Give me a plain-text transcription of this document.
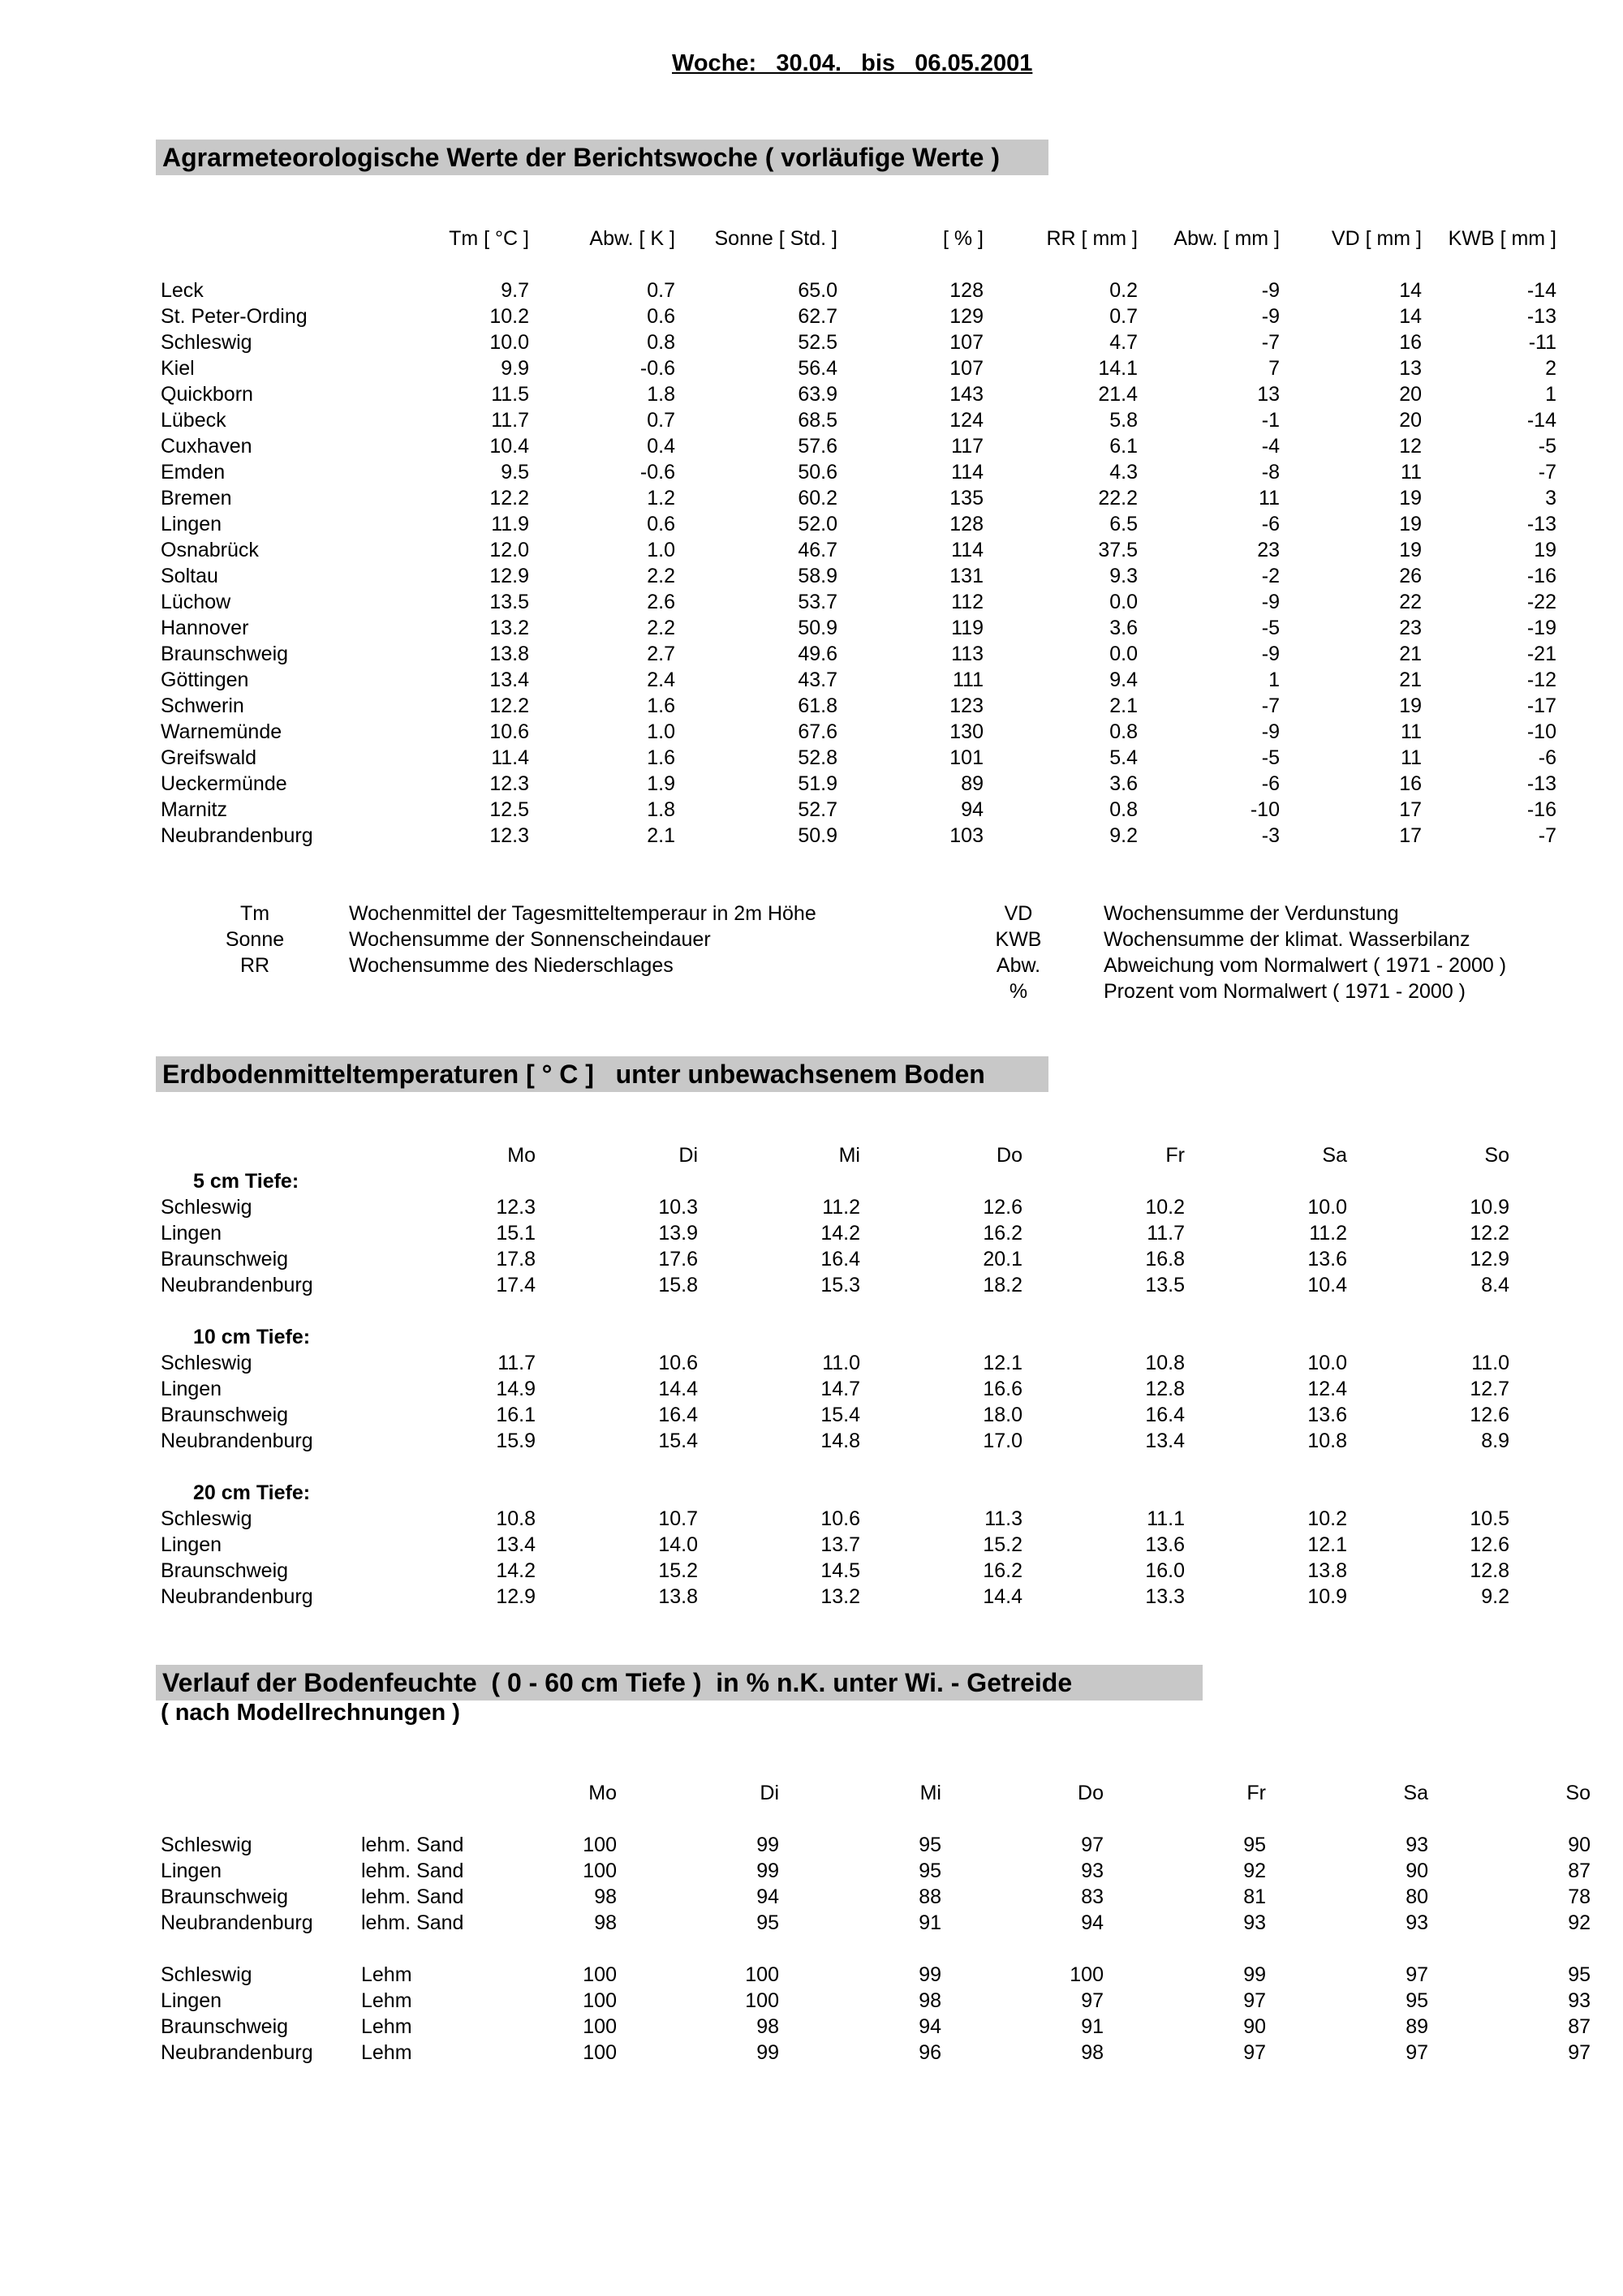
Woche:   30.04.   bis   06.05.2001
Agrarmeteorologische Werte der Berichtswoche ( vorläufige Werte )
	Tm [ °C ]	Abw. [ K ]	Sonne [ Std. ]	[ % ]	RR [ mm ]	Abw. [ mm ]	VD [ mm ]	KWB [ mm ]

Leck	9.7	0.7	65.0	128	0.2	-9	14	-14
St. Peter-Ording	10.2	0.6	62.7	129	0.7	-9	14	-13
Schleswig	10.0	0.8	52.5	107	4.7	-7	16	-11
Kiel	9.9	-0.6	56.4	107	14.1	7	13	2
Quickborn	11.5	1.8	63.9	143	21.4	13	20	1
Lübeck	11.7	0.7	68.5	124	5.8	-1	20	-14
Cuxhaven	10.4	0.4	57.6	117	6.1	-4	12	-5
Emden	9.5	-0.6	50.6	114	4.3	-8	11	-7
Bremen	12.2	1.2	60.2	135	22.2	11	19	3
Lingen	11.9	0.6	52.0	128	6.5	-6	19	-13
Osnabrück	12.0	1.0	46.7	114	37.5	23	19	19
Soltau	12.9	2.2	58.9	131	9.3	-2	26	-16
Lüchow	13.5	2.6	53.7	112	0.0	-9	22	-22
Hannover	13.2	2.2	50.9	119	3.6	-5	23	-19
Braunschweig	13.8	2.7	49.6	113	0.0	-9	21	-21
Göttingen	13.4	2.4	43.7	111	9.4	1	21	-12
Schwerin	12.2	1.6	61.8	123	2.1	-7	19	-17
Warnemünde	10.6	1.0	67.6	130	0.8	-9	11	-10
Greifswald	11.4	1.6	52.8	101	5.4	-5	11	-6
Ueckermünde	12.3	1.9	51.9	89	3.6	-6	16	-13
Marnitz	12.5	1.8	52.7	94	0.8	-10	17	-16
Neubrandenburg	12.3	2.1	50.9	103	9.2	-3	17	-7
Tm	Wochenmittel der Tagesmitteltemperaur in 2m Höhe	VD	Wochensumme der Verdunstung
Sonne	Wochensumme der Sonnenscheindauer	KWB	Wochensumme der klimat. Wasserbilanz
RR	Wochensumme des Niederschlages	Abw.	Abweichung vom Normalwert ( 1971 - 2000 )
		%	Prozent vom Normalwert ( 1971 - 2000 )
Erdbodenmitteltemperaturen [ ° C ]   unter unbewachsenem Boden
	Mo	Di	Mi	Do	Fr	Sa	So
5 cm Tiefe:							
Schleswig	12.3	10.3	11.2	12.6	10.2	10.0	10.9
Lingen	15.1	13.9	14.2	16.2	11.7	11.2	12.2
Braunschweig	17.8	17.6	16.4	20.1	16.8	13.6	12.9
Neubrandenburg	17.4	15.8	15.3	18.2	13.5	10.4	8.4

10 cm Tiefe:							
Schleswig	11.7	10.6	11.0	12.1	10.8	10.0	11.0
Lingen	14.9	14.4	14.7	16.6	12.8	12.4	12.7
Braunschweig	16.1	16.4	15.4	18.0	16.4	13.6	12.6
Neubrandenburg	15.9	15.4	14.8	17.0	13.4	10.8	8.9

20 cm Tiefe:							
Schleswig	10.8	10.7	10.6	11.3	11.1	10.2	10.5
Lingen	13.4	14.0	13.7	15.2	13.6	12.1	12.6
Braunschweig	14.2	15.2	14.5	16.2	16.0	13.8	12.8
Neubrandenburg	12.9	13.8	13.2	14.4	13.3	10.9	9.2
Verlauf der Bodenfeuchte  ( 0 - 60 cm Tiefe )  in % n.K. unter Wi. - Getreide
( nach Modellrechnungen )
		Mo	Di	Mi	Do	Fr	Sa	So

Schleswig	lehm. Sand	100	99	95	97	95	93	90
Lingen	lehm. Sand	100	99	95	93	92	90	87
Braunschweig	lehm. Sand	98	94	88	83	81	80	78
Neubrandenburg	lehm. Sand	98	95	91	94	93	93	92

Schleswig	Lehm	100	100	99	100	99	97	95
Lingen	Lehm	100	100	98	97	97	95	93
Braunschweig	Lehm	100	98	94	91	90	89	87
Neubrandenburg	Lehm	100	99	96	98	97	97	97
